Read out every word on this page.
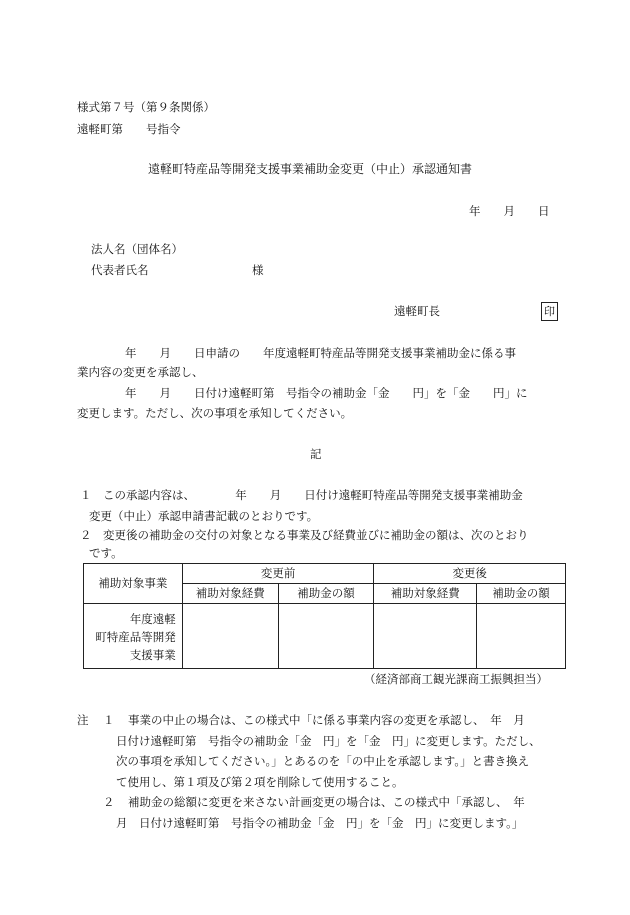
様式第７号（第９条関係）
遠軽町第　　号指令
遠軽町特産品等開発支援事業補助金変更（中止）承認通知書
年　　月　　日
法人名（団体名）
代表者氏名	様
遠軽町長	印
年　　月　　日申請の　　年度遠軽町特産品等開発支援事業補助金に係る事
業内容の変更を承認し、
年　　月　　日付け遠軽町第　号指令の補助金「金　　円」を「金　　円」に
変更します。ただし、次の事項を承知してください。
記
１ この承認内容は、　　　　年　　月　　日付け遠軽町特産品等開発支援事業補助金
変更（中止）承認申請書記載のとおりです。
２ 変更後の補助金の交付の対象となる事業及び経費並びに補助金の額は、次のとおり
です。
補助対象事業	変更前		変更後	
	補助対象経費	補助金の額	補助対象経費	補助金の額

年度遠軽
町特産品等開発
支援事業				

（経済部商工観光課商工振興担当）
注 １ 事業の中止の場合は、この様式中「に係る事業内容の変更を承認し、　年　月
日付け遠軽町第　号指令の補助金「金　円」を「金　円」に変更します。ただし、
次の事項を承知してください。」とあるのを「の中止を承認します。」と書き換え
て使用し、第１項及び第２項を削除して使用すること。
２ 補助金の総額に変更を来さない計画変更の場合は、この様式中「承認し、　年
月　日付け遠軽町第　号指令の補助金「金　円」を「金　円」に変更します。」
